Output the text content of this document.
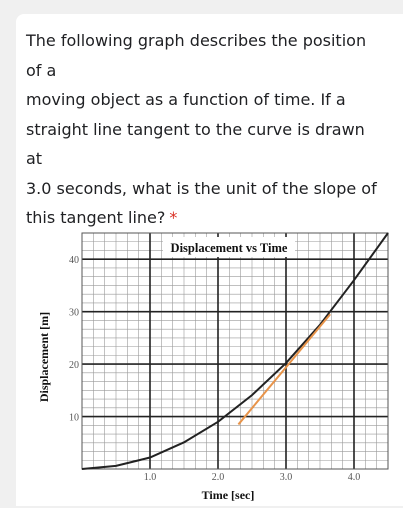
The following graph describes the position of a
moving object as a function of time. If a
straight line tangent to the curve is drawn at
3.0 seconds, what is the unit of the slope of
this tangent line? *
Displacement vs Time
1.0	2.0	3.0	4.0
10
20
30
40
Time [sec]
Displacement [m]
